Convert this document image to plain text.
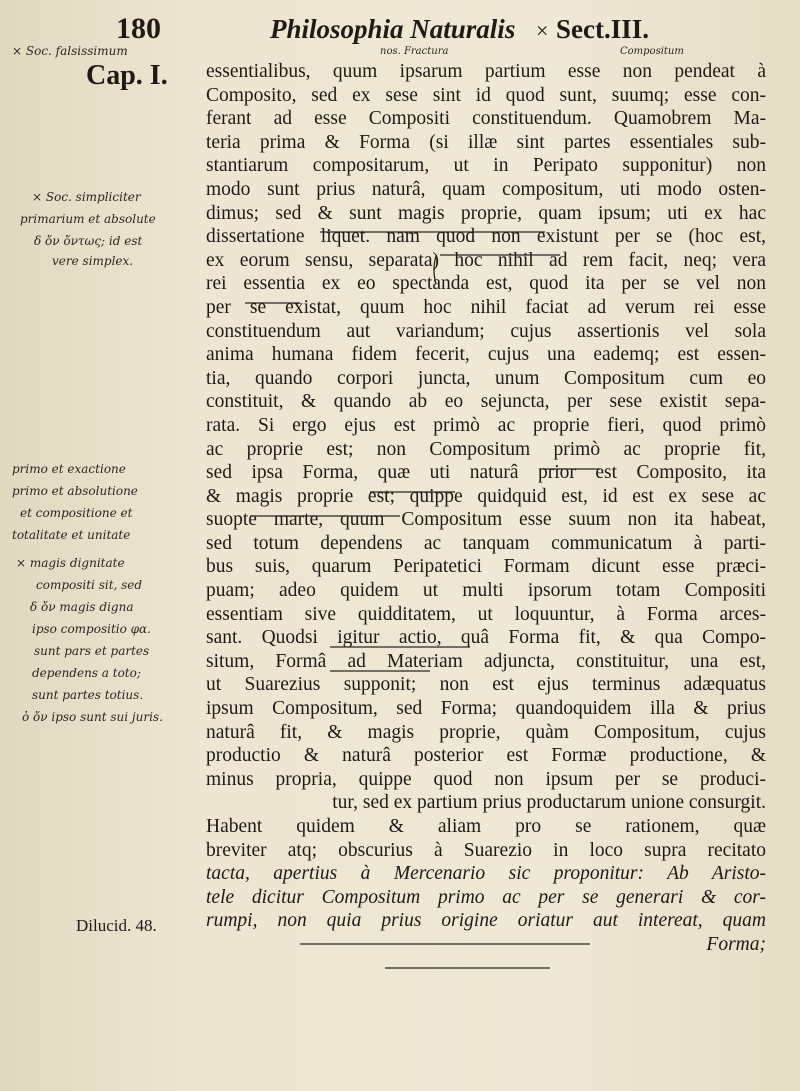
180	Philosophia Naturalis × Sect.III.
Cap. I.
Dilucid. 48.
× Soc. falsissimum
× Soc. simpliciter
primarium et absolute
δ ὄν ὄντως; id est
vere simplex.
primo et exactione
primo et absolutione
et compositione et
totalitate et unitate
× magis dignitate
compositi sit, sed
δ ὄν magis digna
ipso compositio φα.
sunt pars et partes
dependens a toto;
sunt partes totius.
ὁ ὄν ipso sunt sui juris.
nos. Fractura	Compositum
essentialibus, quum ipsarum partium esse non pendeat à
Composito, sed ex sese sint id quod sunt, suumq; esse con-
ferant ad esse Compositi constituendum. Quamobrem Ma-
teria prima & Forma (si illæ sint partes essentiales sub-
stantiarum compositarum, ut in Peripato supponitur) non
modo sunt prius naturâ, quam compositum, uti modo osten-
dimus; sed & sunt magis proprie, quam ipsum; uti ex hac
dissertatione liquet. nam quod non existunt per se (hoc est,
ex eorum sensu, separata) hoc nihil ad rem facit, neq; vera
rei essentia ex eo spectanda est, quod ita per se vel non
per se existat, quum hoc nihil faciat ad verum rei esse
constituendum aut variandum; cujus assertionis vel sola
anima humana fidem fecerit, cujus una eademq; est essen-
tia, quando corpori juncta, unum Compositum cum eo
constituit, & quando ab eo sejuncta, per sese existit sepa-
rata. Si ergo ejus est primò ac proprie fieri, quod primò
ac proprie est; non Compositum primò ac proprie fit,
sed ipsa Forma, quæ uti naturâ prior est Composito, ita
& magis proprie est; quippe quidquid est, id est ex sese ac
suopte marte, quum Compositum esse suum non ita habeat,
sed totum dependens ac tanquam communicatum à parti-
bus suis, quarum Peripatetici Formam dicunt esse præci-
puam; adeo quidem ut multi ipsorum totam Compositi
essentiam sive quidditatem, ut loquuntur, à Forma arces-
sant. Quodsi igitur actio, quâ Forma fit, & qua Compo-
situm, Formâ ad Materiam adjuncta, constituitur, una est,
ut Suarezius supponit; non est ejus terminus adæquatus
ipsum Compositum, sed Forma; quandoquidem illa & prius
naturâ fit, & magis proprie, quàm Compositum, cujus
productio & naturâ posterior est Formæ productione, &
minus propria, quippe quod non ipsum per se produci-
tur, sed ex partium prius productarum unione consurgit.
Habent quidem & aliam pro se rationem, quæ
breviter atq; obscurius à Suarezio in loco supra recitato
tacta, apertius à Mercenario sic proponitur: Ab Aristo-
tele dicitur Compositum primo ac per se generari & cor-
rumpi, non quia prius origine oriatur aut intereat, quam
Forma;
